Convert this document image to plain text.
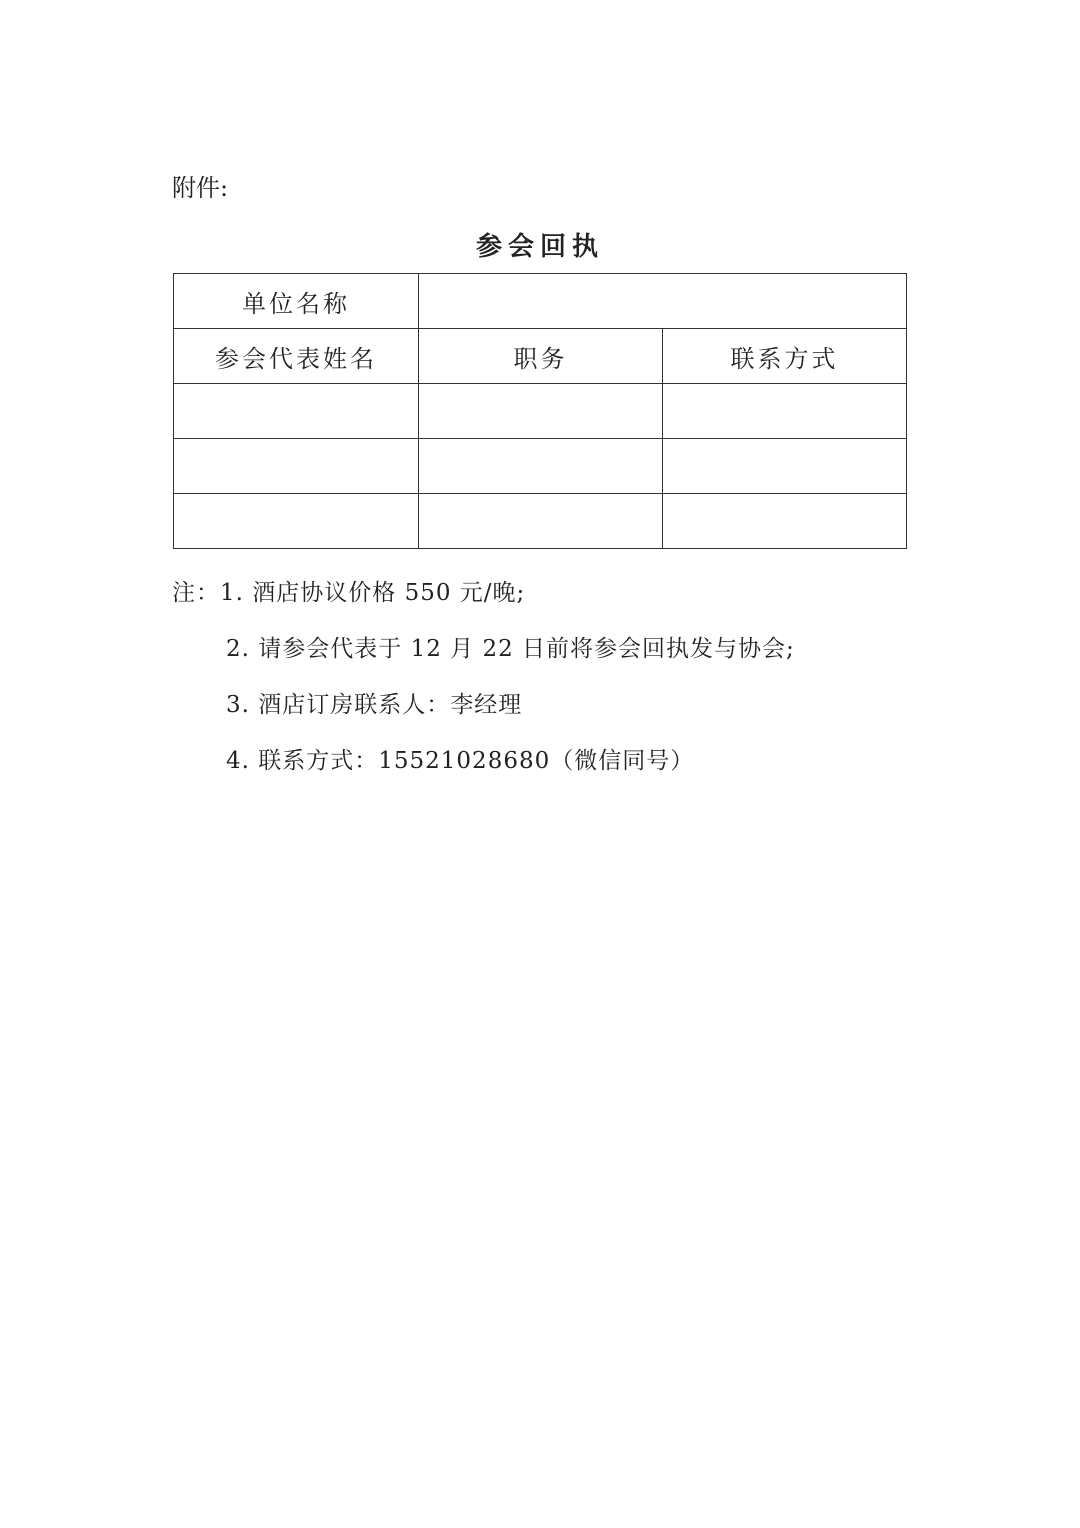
附件:
参会回执
单位名称		
参会代表姓名	职务	联系方式

注：1. 酒店协议价格 550 元/晚;
2. 请参会代表于 12 月 22 日前将参会回执发与协会;
3. 酒店订房联系人：李经理
4. 联系方式：15521028680（微信同号）
